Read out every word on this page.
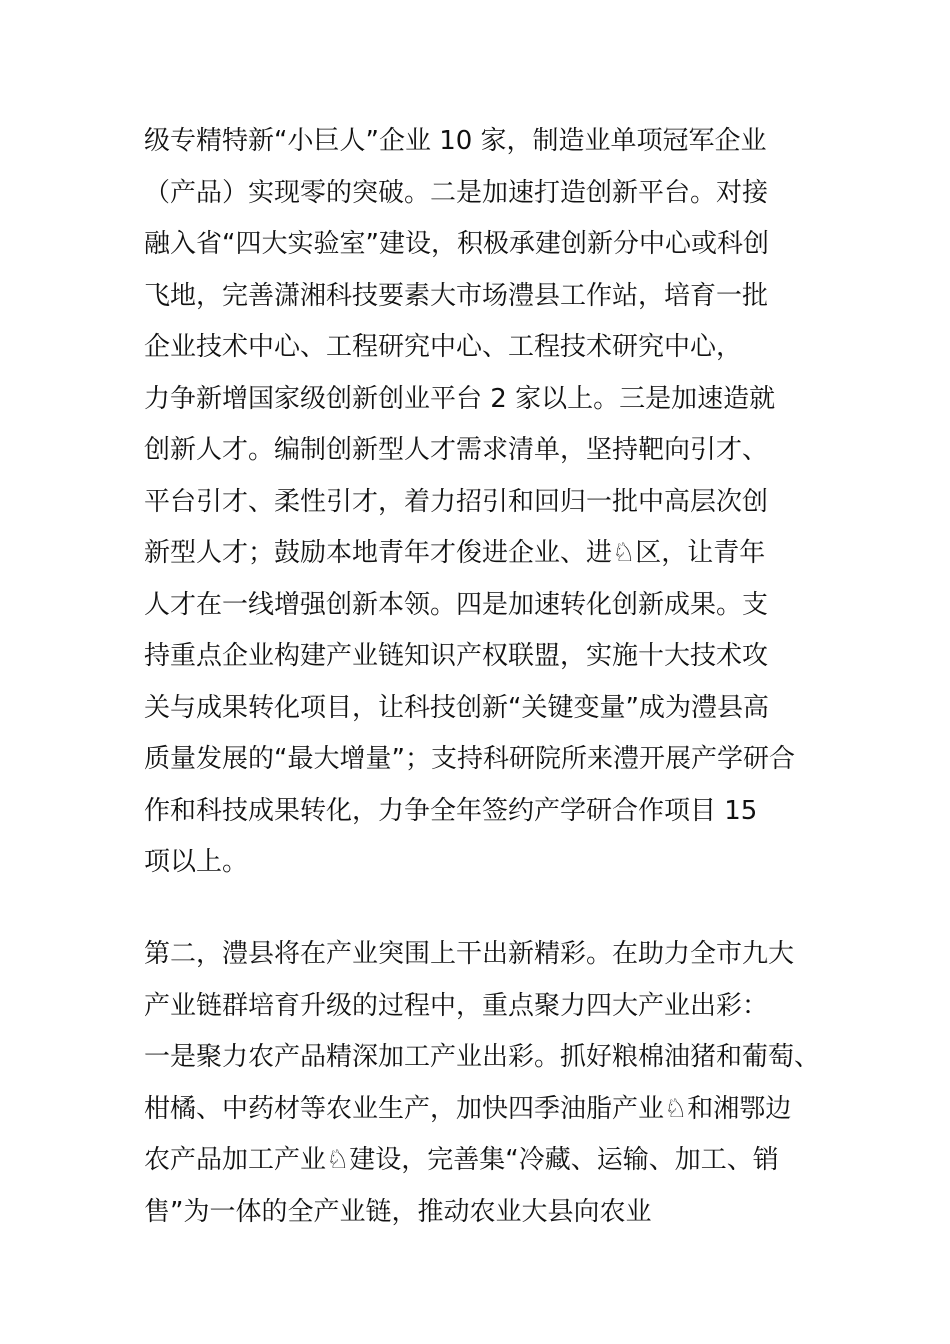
级专精特新“小巨人”企业 10 家，制造业单项冠军企业
（产品）实现零的突破。二是加速打造创新平台。对接
融入省“四大实验室”建设，积极承建创新分中心或科创
飞地，完善潇湘科技要素大市场澧县工作站，培育一批
企业技术中心、工程研究中心、工程技术研究中心，
力争新增国家级创新创业平台 2 家以上。三是加速造就
创新人才。编制创新型人才需求清单，坚持靶向引才、
平台引才、柔性引才，着力招引和回归一批中高层次创
新型人才；鼓励本地青年才俊进企业、进♘区，让青年
人才在一线增强创新本领。四是加速转化创新成果。支
持重点企业构建产业链知识产权联盟，实施十大技术攻
关与成果转化项目，让科技创新“关键变量”成为澧县高
质量发展的“最大增量”；支持科研院所来澧开展产学研合
作和科技成果转化，力争全年签约产学研合作项目 15
项以上。
第二，澧县将在产业突围上干出新精彩。在助力全市九大
产业链群培育升级的过程中，重点聚力四大产业出彩：
一是聚力农产品精深加工产业出彩。抓好粮棉油猪和葡萄、
柑橘、中药材等农业生产，加快四季油脂产业♘和湘鄂边
农产品加工产业♘建设，完善集“冷藏、运输、加工、销
售”为一体的全产业链，推动农业大县向农业
